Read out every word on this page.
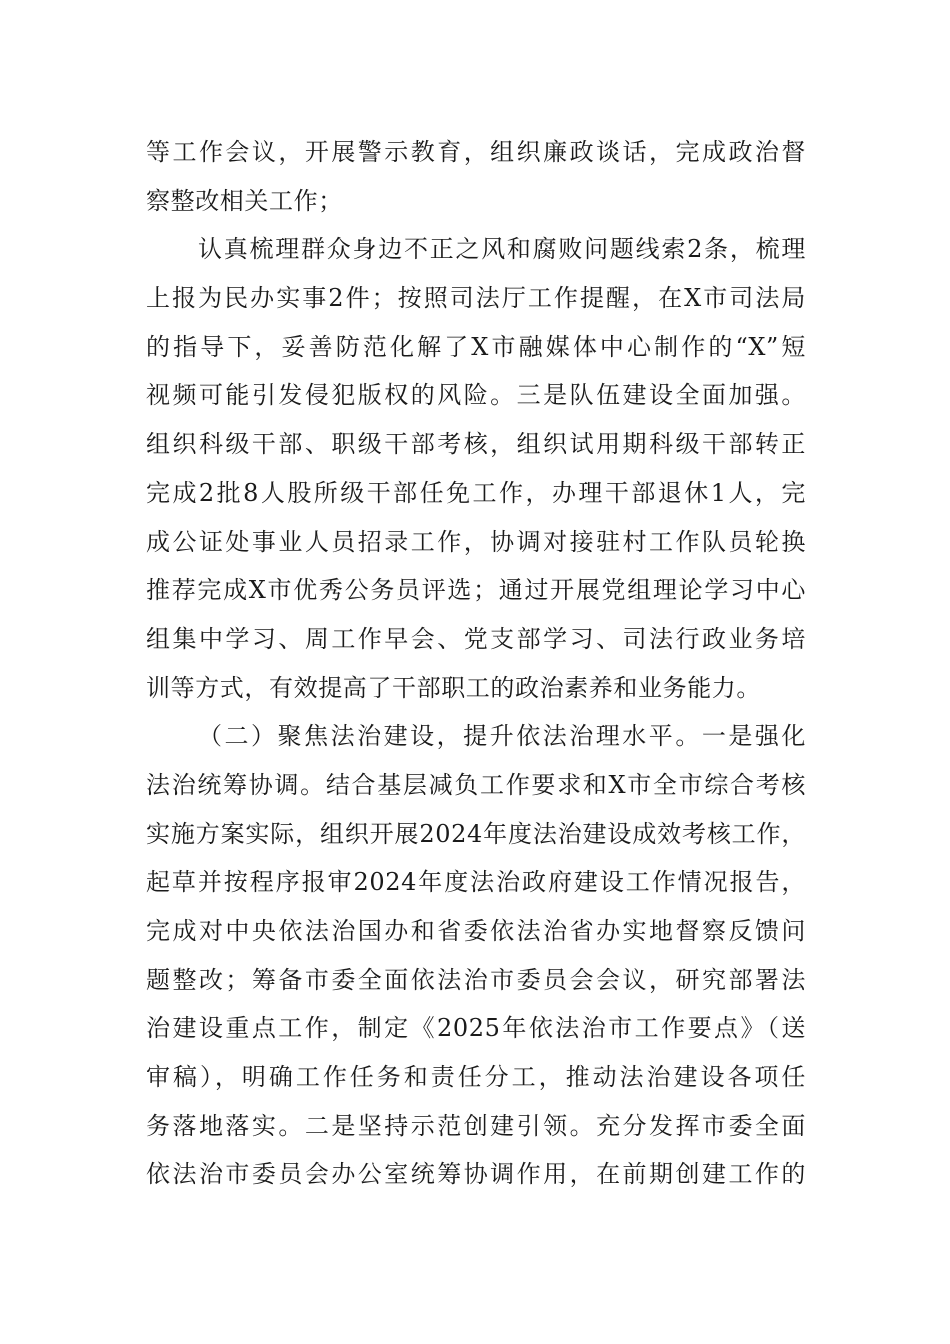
等工作会议，开展警示教育，组织廉政谈话，完成政治督
察整改相关工作；
认真梳理群众身边不正之风和腐败问题线索2条，梳理
上报为民办实事2件；按照司法厅工作提醒，在X市司法局
的指导下，妥善防范化解了X市融媒体中心制作的“X”短
视频可能引发侵犯版权的风险。三是队伍建设全面加强。
组织科级干部、职级干部考核，组织试用期科级干部转正
完成2批8人股所级干部任免工作，办理干部退休1人，完
成公证处事业人员招录工作，协调对接驻村工作队员轮换
推荐完成X市优秀公务员评选；通过开展党组理论学习中心
组集中学习、周工作早会、党支部学习、司法行政业务培
训等方式，有效提高了干部职工的政治素养和业务能力。
（二）聚焦法治建设，提升依法治理水平。一是强化
法治统筹协调。结合基层减负工作要求和X市全市综合考核
实施方案实际，组织开展2024年度法治建设成效考核工作，
起草并按程序报审2024年度法治政府建设工作情况报告，
完成对中央依法治国办和省委依法治省办实地督察反馈问
题整改；筹备市委全面依法治市委员会会议，研究部署法
治建设重点工作，制定《2025年依法治市工作要点》（送
审稿），明确工作任务和责任分工，推动法治建设各项任
务落地落实。二是坚持示范创建引领。充分发挥市委全面
依法治市委员会办公室统筹协调作用，在前期创建工作的
